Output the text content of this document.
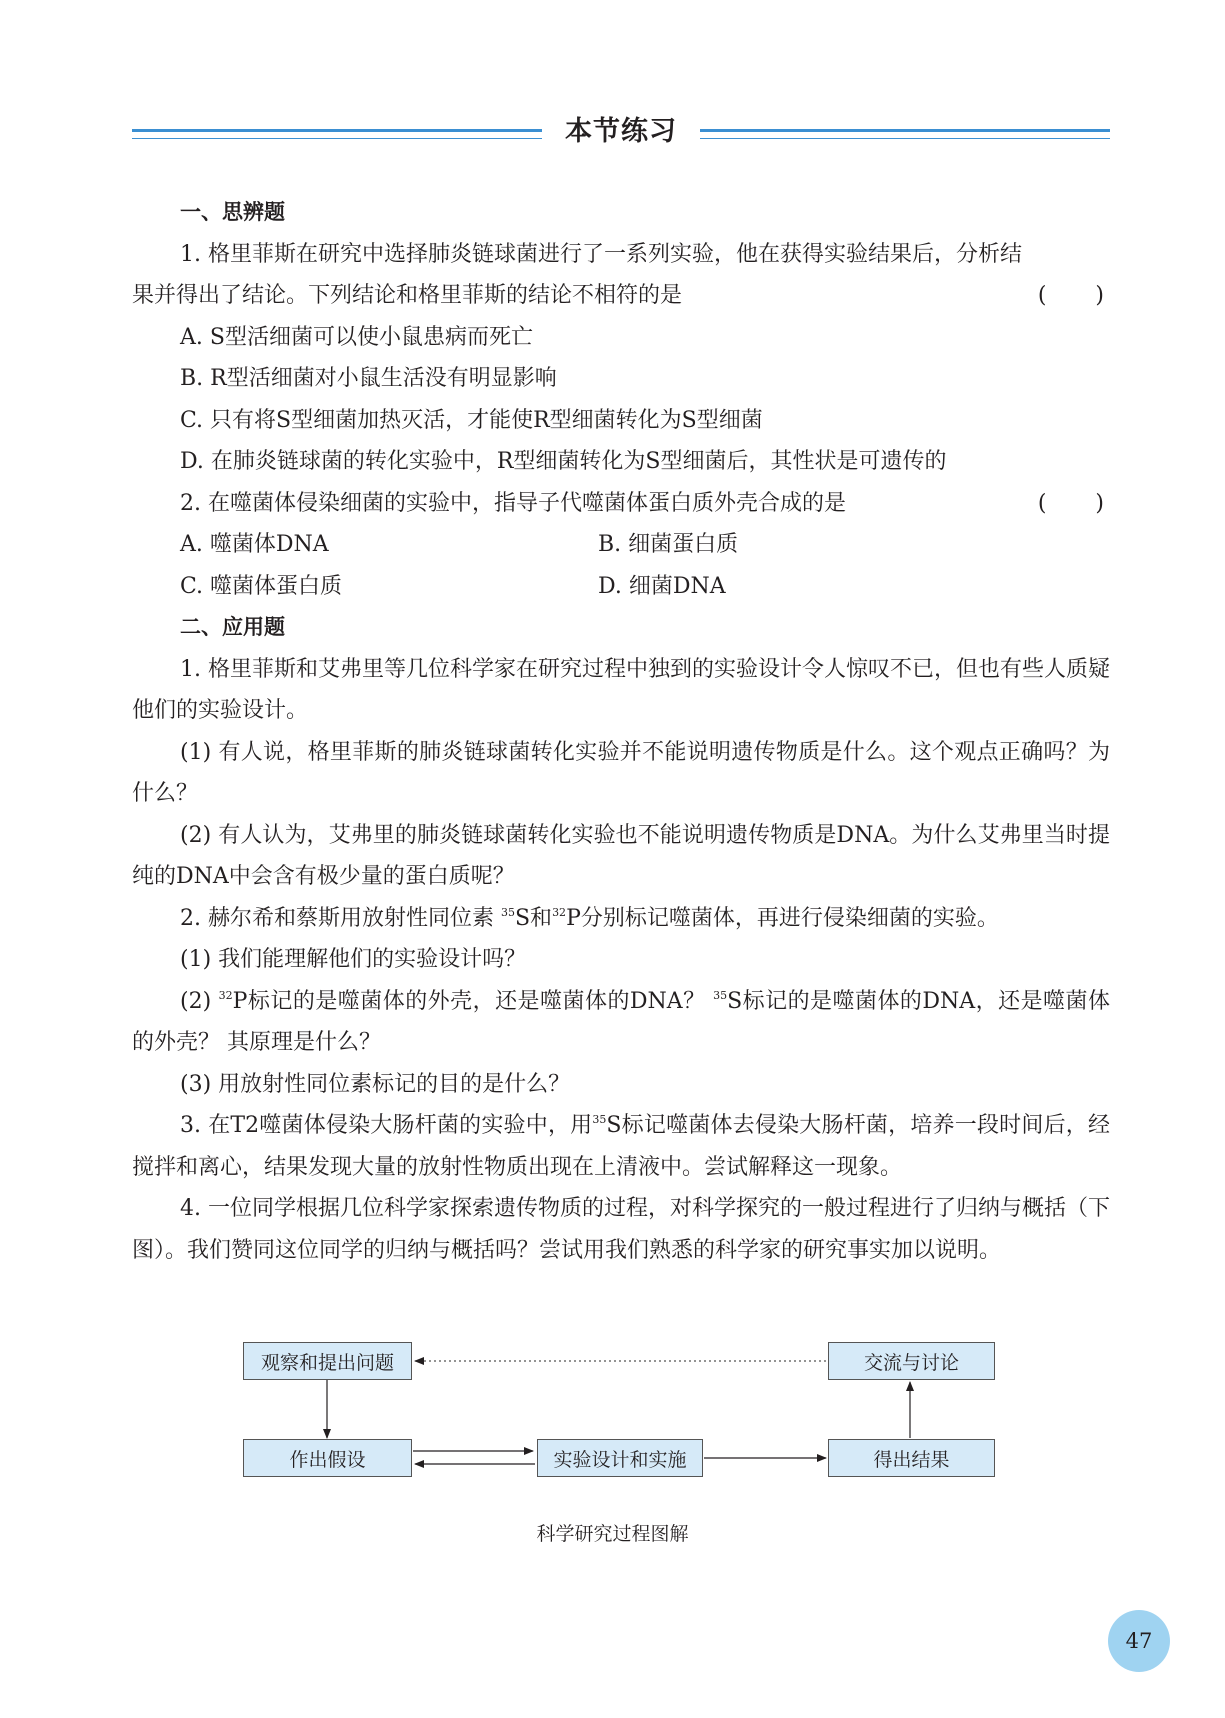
本节练习

一、思辨题

1. 格里菲斯在研究中选择肺炎链球菌进行了一系列实验，他在获得实验结果后，分析结

果并得出了结论。下列结论和格里菲斯的结论不相符的是	(       )

A. S型活细菌可以使小鼠患病而死亡

B. R型活细菌对小鼠生活没有明显影响

C. 只有将S型细菌加热灭活，才能使R型细菌转化为S型细菌

D. 在肺炎链球菌的转化实验中，R型细菌转化为S型细菌后，其性状是可遗传的

2. 在噬菌体侵染细菌的实验中，指导子代噬菌体蛋白质外壳合成的是	(       )

A. 噬菌体DNA	B. 细菌蛋白质

C. 噬菌体蛋白质	D. 细菌DNA

二、应用题

1. 格里菲斯和艾弗里等几位科学家在研究过程中独到的实验设计令人惊叹不已，但也有些人质疑他们的实验设计。

(1) 有人说，格里菲斯的肺炎链球菌转化实验并不能说明遗传物质是什么。这个观点正确吗？为什么？

(2) 有人认为，艾弗里的肺炎链球菌转化实验也不能说明遗传物质是DNA。为什么艾弗里当时提纯的DNA中会含有极少量的蛋白质呢？

2. 赫尔希和蔡斯用放射性同位素 $^{35}$S和$^{32}$P分别标记噬菌体，再进行侵染细菌的实验。

(1) 我们能理解他们的实验设计吗？

(2) $^{32}$P标记的是噬菌体的外壳，还是噬菌体的DNA？ $^{35}$S标记的是噬菌体的DNA，还是噬菌体的外壳？ 其原理是什么？

(3) 用放射性同位素标记的目的是什么？

3. 在T2噬菌体侵染大肠杆菌的实验中，用$^{35}$S标记噬菌体去侵染大肠杆菌，培养一段时间后，经搅拌和离心，结果发现大量的放射性物质出现在上清液中。尝试解释这一现象。

4. 一位同学根据几位科学家探索遗传物质的过程，对科学探究的一般过程进行了归纳与概括（下图）。我们赞同这位同学的归纳与概括吗？尝试用我们熟悉的科学家的研究事实加以说明。

观察和提出问题	交流与讨论
作出假设	实验设计和实施	得出结果
科学研究过程图解
47
